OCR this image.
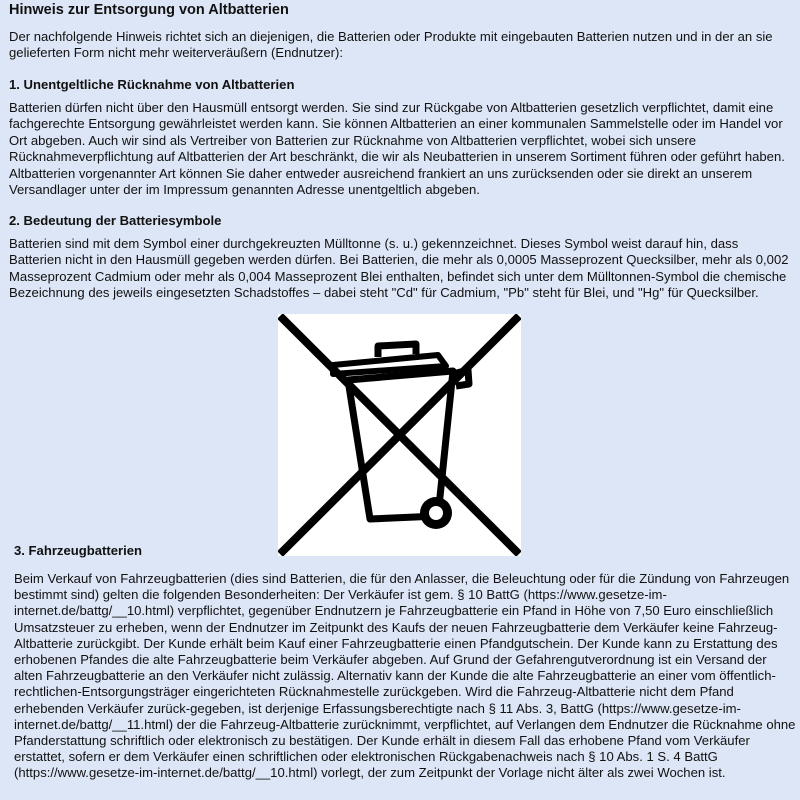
Hinweis zur Entsorgung von Altbatterien

Der nachfolgende Hinweis richtet sich an diejenigen, die Batterien oder Produkte mit eingebauten Batterien nutzen und in der an sie gelieferten Form nicht mehr weiterveräußern (Endnutzer):

1. Unentgeltliche Rücknahme von Altbatterien

Batterien dürfen nicht über den Hausmüll entsorgt werden. Sie sind zur Rückgabe von Altbatterien gesetzlich verpflichtet, damit eine fachgerechte Entsorgung gewährleistet werden kann. Sie können Altbatterien an einer kommunalen Sammelstelle oder im Handel vor Ort abgeben. Auch wir sind als Vertreiber von Batterien zur Rücknahme von Altbatterien verpflichtet, wobei sich unsere Rücknahmeverpflichtung auf Altbatterien der Art beschränkt, die wir als Neubatterien in unserem Sortiment führen oder geführt haben. Altbatterien vorgenannter Art können Sie daher entweder ausreichend frankiert an uns zurücksenden oder sie direkt an unserem Versandlager unter der im Impressum genannten Adresse unentgeltlich abgeben.

2. Bedeutung der Batteriesymbole

Batterien sind mit dem Symbol einer durchgekreuzten Mülltonne (s. u.) gekennzeichnet. Dieses Symbol weist darauf hin, dass Batterien nicht in den Hausmüll gegeben werden dürfen. Bei Batterien, die mehr als 0,0005 Masseprozent Quecksilber, mehr als 0,002 Masseprozent Cadmium oder mehr als 0,004 Masseprozent Blei enthalten, befindet sich unter dem Mülltonnen-Symbol die chemische Bezeichnung des jeweils eingesetzten Schadstoffes – dabei steht "Cd" für Cadmium, "Pb" steht für Blei, und "Hg" für Quecksilber.

3. Fahrzeugbatterien

Beim Verkauf von Fahrzeugbatterien (dies sind Batterien, die für den Anlasser, die Beleuchtung oder für die Zündung von Fahrzeugen bestimmt sind) gelten die folgenden Besonderheiten: Der Verkäufer ist gem. § 10 BattG (https://www.gesetze-im-internet.de/battg/__10.html) verpflichtet, gegenüber Endnutzern je Fahrzeugbatterie ein Pfand in Höhe von 7,50 Euro einschließlich Umsatzsteuer zu erheben, wenn der Endnutzer im Zeitpunkt des Kaufs der neuen Fahrzeugbatterie dem Verkäufer keine Fahrzeug-Altbatterie zurückgibt. Der Kunde erhält beim Kauf einer Fahrzeugbatterie einen Pfandgutschein. Der Kunde kann zu Erstattung des erhobenen Pfandes die alte Fahrzeugbatterie beim Verkäufer abgeben. Auf Grund der Gefahrengutverordnung ist ein Versand der alten Fahrzeugbatterie an den Verkäufer nicht zulässig. Alternativ kann der Kunde die alte Fahrzeugbatterie an einer vom öffentlich-rechtlichen-Entsorgungsträger eingerichteten Rücknahmestelle zurückgeben. Wird die Fahrzeug-Altbatterie nicht dem Pfand erhebenden Verkäufer zurück-gegeben, ist derjenige Erfassungsberechtigte nach § 11 Abs. 3, BattG (https://www.gesetze-im-internet.de/battg/__11.html) der die Fahrzeug-Altbatterie zurücknimmt, verpflichtet, auf Verlangen dem Endnutzer die Rücknahme ohne Pfanderstattung schriftlich oder elektronisch zu bestätigen. Der Kunde erhält in diesem Fall das erhobene Pfand vom Verkäufer erstattet, sofern er dem Verkäufer einen schriftlichen oder elektronischen Rückgabenachweis nach § 10 Abs. 1 S. 4 BattG (https://www.gesetze-im-internet.de/battg/__10.html) vorlegt, der zum Zeitpunkt der Vorlage nicht älter als zwei Wochen ist.
